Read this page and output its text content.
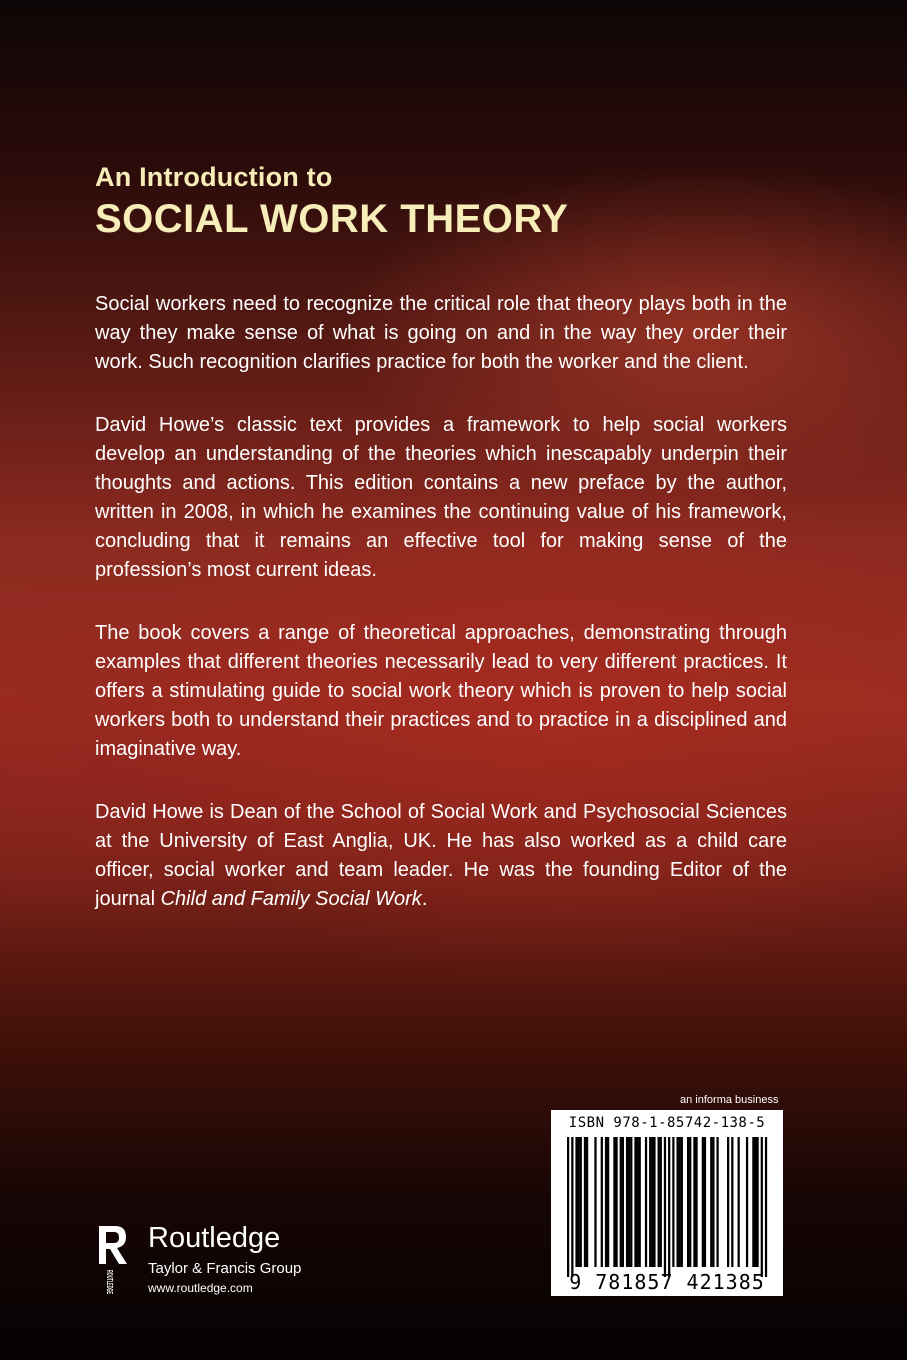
An Introduction to
SOCIAL WORK THEORY

Social workers need to recognize the critical role that theory plays both in the way they make sense of what is going on and in the way they order their work. Such recognition clarifies practice for both the worker and the client.

David Howe’s classic text provides a framework to help social workers develop an understanding of the theories which inescapably underpin their thoughts and actions. This edition contains a new preface by the author, written in 2008, in which he examines the continuing value of his framework, concluding that it remains an effective tool for making sense of the profession’s most current ideas.

The book covers a range of theoretical approaches, demonstrating through examples that different theories necessarily lead to very different practices. It offers a stimulating guide to social work theory which is proven to help social workers both to understand their practices and to practice in a disciplined and imaginative way.

David Howe is Dean of the School of Social Work and Psychosocial Sciences at the University of East Anglia, UK. He has also worked as a child care officer, social worker and team leader. He was the founding Editor of the journal Child and Family Social Work.

ROUTLEDGE
Routledge
Taylor & Francis Group
www.routledge.com
an informa business
ISBN 978-1-85742-138-5
9 781857 421385
